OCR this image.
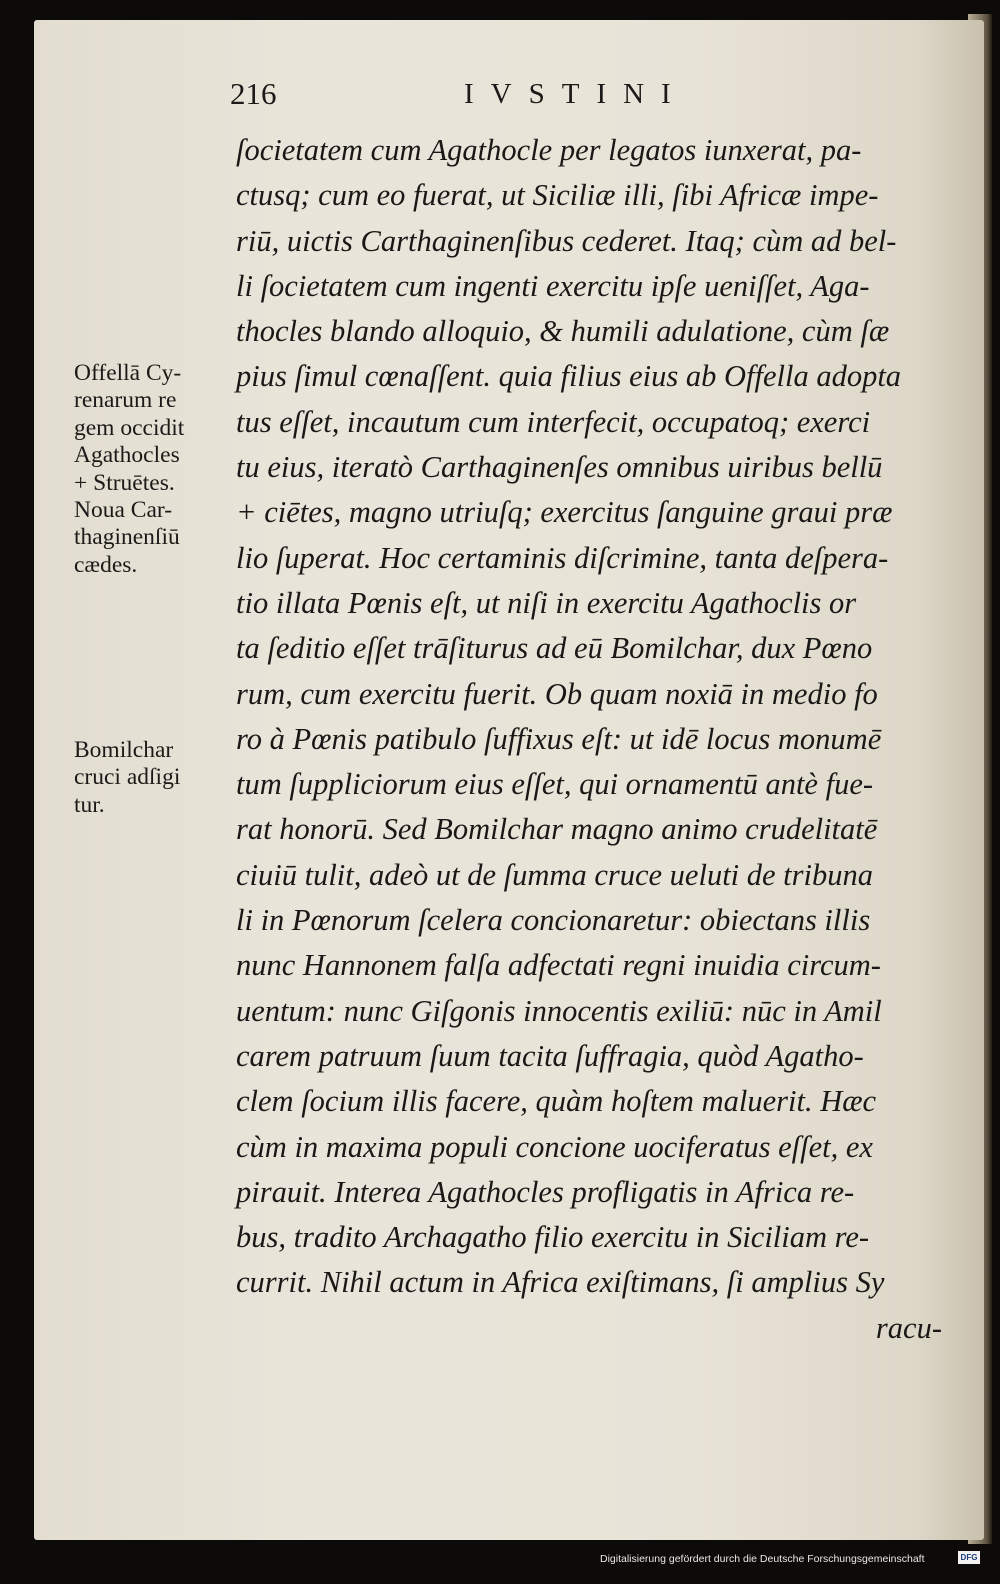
216	IVSTINI
ſocietatem cum Agathocle per legatos iunxerat, pa-
ctusq; cum eo fuerat, ut Siciliæ illi, ſibi Africæ impe-
riū, uictis Carthaginenſibus cederet. Itaq; cùm ad bel-
li ſocietatem cum ingenti exercitu ipſe ueniſſet, Aga-
thocles blando alloquio, & humili adulatione, cùm ſæ
pius ſimul cœnaſſent. quia filius eius ab Offella adopta
tus eſſet, incautum cum interfecit, occupatoq; exerci
tu eius, iteratò Carthaginenſes omnibus uiribus bellū
+ ciētes, magno utriuſq; exercitus ſanguine graui præ
lio ſuperat. Hoc certaminis diſcrimine, tanta deſpera-
tio illata Pœnis eſt, ut niſi in exercitu Agathoclis or
ta ſeditio eſſet trāſiturus ad eū Bomilchar, dux Pœno
rum, cum exercitu fuerit. Ob quam noxiā in medio fo
ro à Pœnis patibulo ſuffixus eſt: ut idē locus monumē
tum ſuppliciorum eius eſſet, qui ornamentū antè fue-
rat honorū. Sed Bomilchar magno animo crudelitatē
ciuiū tulit, adeò ut de ſumma cruce ueluti de tribuna
li in Pœnorum ſcelera concionaretur: obiectans illis
nunc Hannonem falſa adfectati regni inuidia circum-
uentum: nunc Giſgonis innocentis exiliū: nūc in Amil
carem patruum ſuum tacita ſuffragia, quòd Agatho-
clem ſocium illis facere, quàm hoſtem maluerit. Hæc
cùm in maxima populi concione uociferatus eſſet, ex
pirauit. Interea Agathocles profligatis in Africa re-
bus, tradito Archagatho filio exercitu in Siciliam re-
currit. Nihil actum in Africa exiſtimans, ſi amplius Sy
racu-
Offellā Cy-
renarum re
gem occidit
Agathocles
+ Struētes.
Noua Car-
thaginenſiū
cædes.
Bomilchar
cruci adſigi
tur.
Digitalisierung gefördert durch die Deutsche Forschungsgemeinschaft	DFG
